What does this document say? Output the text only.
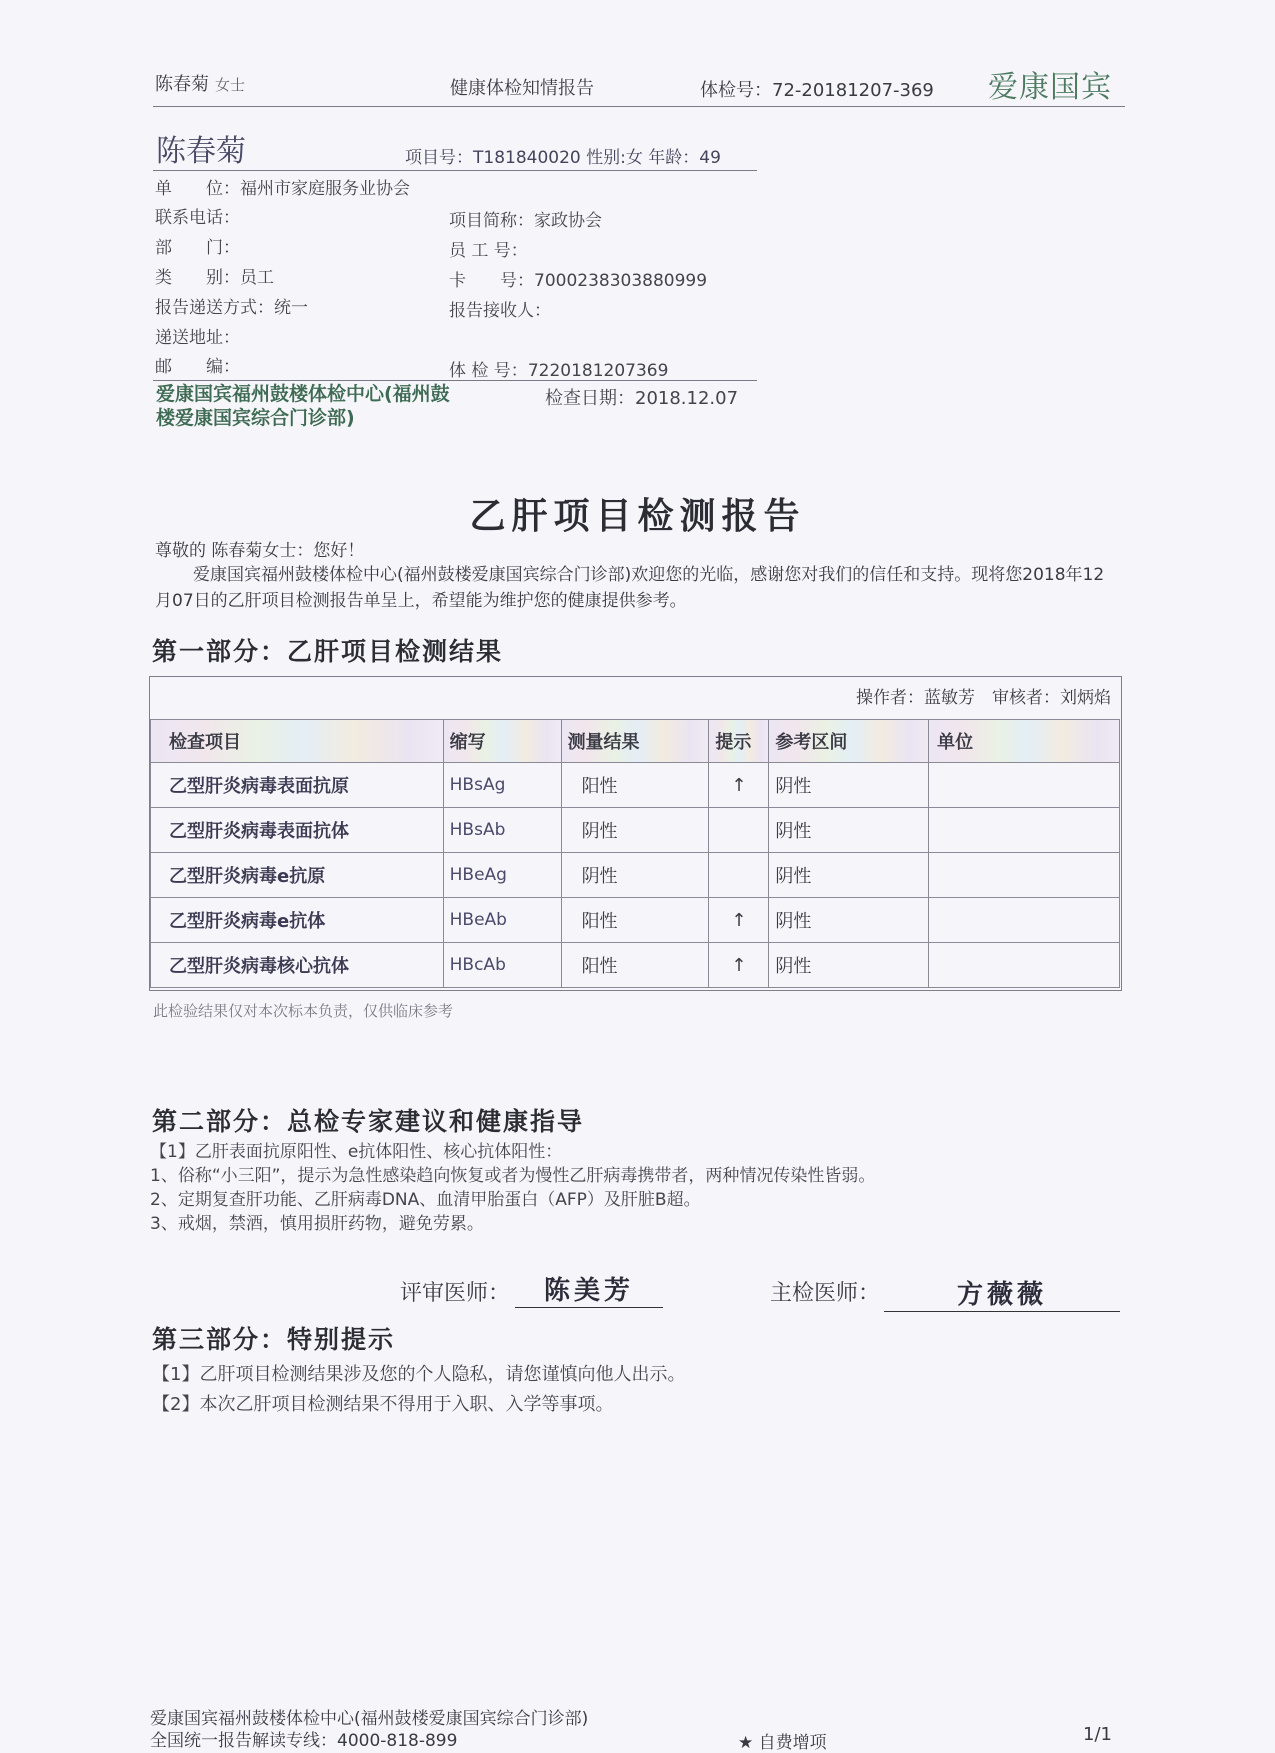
陈春菊 女士	健康体检知情报告	体检号：72-20181207-369 爱康国宾
陈春菊	项目号：T181840020 性别:女 年龄：49
单　　位：福州市家庭服务业协会
联系电话：
部　　门：
类　　别：员工
报告递送方式：统一
递送地址：
邮　　编：
项目简称：家政协会
员 工 号：
卡　　号：7000238303880999
报告接收人：
体 检 号：7220181207369
爱康国宾福州鼓楼体检中心(福州鼓楼爱康国宾综合门诊部)
检查日期：2018.12.07
乙肝项目检测报告
尊敬的 陈春菊女士：您好！
爱康国宾福州鼓楼体检中心(福州鼓楼爱康国宾综合门诊部)欢迎您的光临，感谢您对我们的信任和支持。现将您2018年12月07日的乙肝项目检测报告单呈上，希望能为维护您的健康提供参考。
第一部分：乙肝项目检测结果
操作者：蓝敏芳　审核者：刘炳焰
检查项目	缩写	测量结果	提示	参考区间	单位
乙型肝炎病毒表面抗原	HBsAg	阳性	↑	阴性	
乙型肝炎病毒表面抗体	HBsAb	阴性		阴性	
乙型肝炎病毒e抗原	HBeAg	阴性		阴性	
乙型肝炎病毒e抗体	HBeAb	阳性	↑	阴性	
乙型肝炎病毒核心抗体	HBcAb	阳性	↑	阴性	
此检验结果仅对本次标本负责，仅供临床参考
第二部分：总检专家建议和健康指导
【1】乙肝表面抗原阳性、e抗体阳性、核心抗体阳性：
1、俗称“小三阳”，提示为急性感染趋向恢复或者为慢性乙肝病毒携带者，两种情况传染性皆弱。
2、定期复查肝功能、乙肝病毒DNA、血清甲胎蛋白（AFP）及肝脏B超。
3、戒烟，禁酒，慎用损肝药物，避免劳累。
评审医师：	陈美芳	主检医师：	方薇薇
第三部分：特别提示
【1】乙肝项目检测结果涉及您的个人隐私，请您谨慎向他人出示。
【2】本次乙肝项目检测结果不得用于入职、入学等事项。
爱康国宾福州鼓楼体检中心(福州鼓楼爱康国宾综合门诊部)
全国统一报告解读专线：4000-818-899	★ 自费增项	1/1
